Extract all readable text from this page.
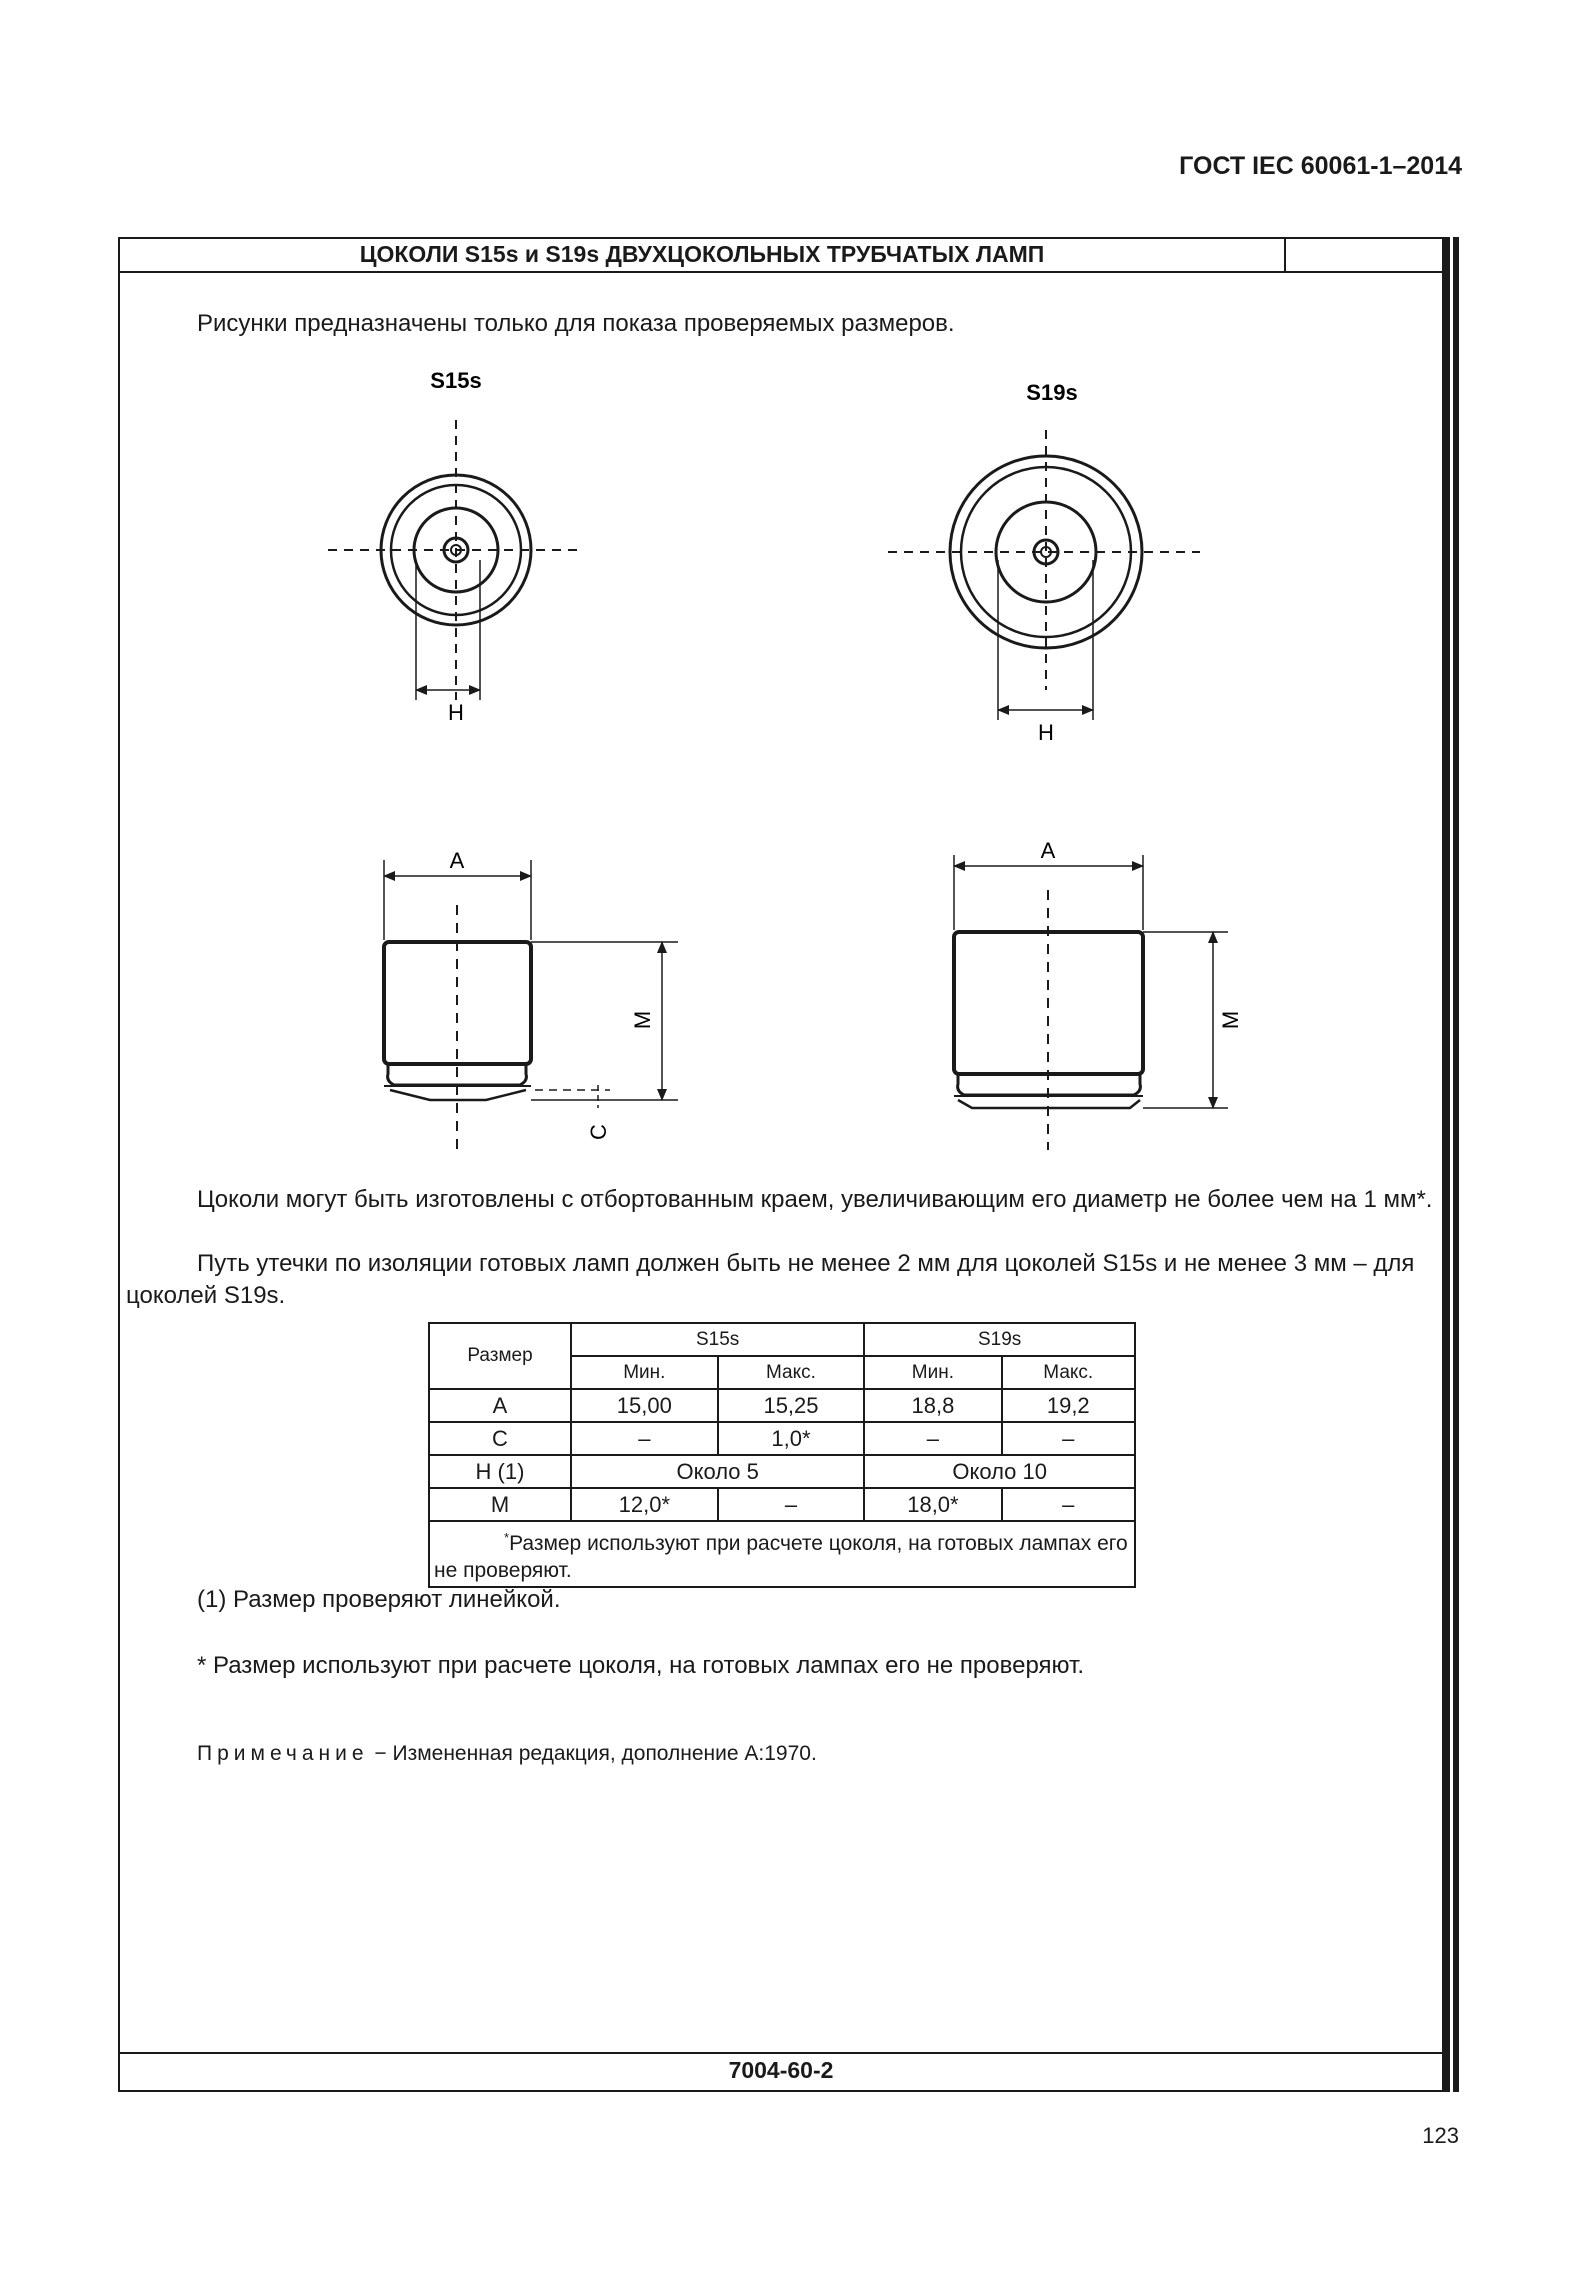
ГОСТ IEC 60061-1–2014
ЦОКОЛИ S15s и S19s ДВУХЦОКОЛЬНЫХ ТРУБЧАТЫХ ЛАМП
Рисунки предназначены только для показа проверяемых размеров.
S15s	S19s
H
H
A
M
C
A
M
Цоколи могут быть изготовлены с отбортованным краем, увеличивающим его диаметр не более чем на 1 мм*.
Путь утечки по изоляции готовых ламп должен быть не менее 2 мм для цоколей S15s и не менее 3 мм – для цоколей S19s.
Размер	S15s		S19s	
	Мин.	Макс.	Мин.	Макс.
A	15,00	15,25	18,8	19,2
C	–	1,0*	–	–
H (1)	Около 5		Около 10	
M	12,0*	–	18,0*	–
*Размер используют при расчете цоколя, на готовых лампах его не проверяют.				
(1) Размер проверяют линейкой.
* Размер используют при расчете цоколя, на готовых лампах его не проверяют.
Примечание − Измененная редакция, дополнение А:1970.
7004-60-2
123
